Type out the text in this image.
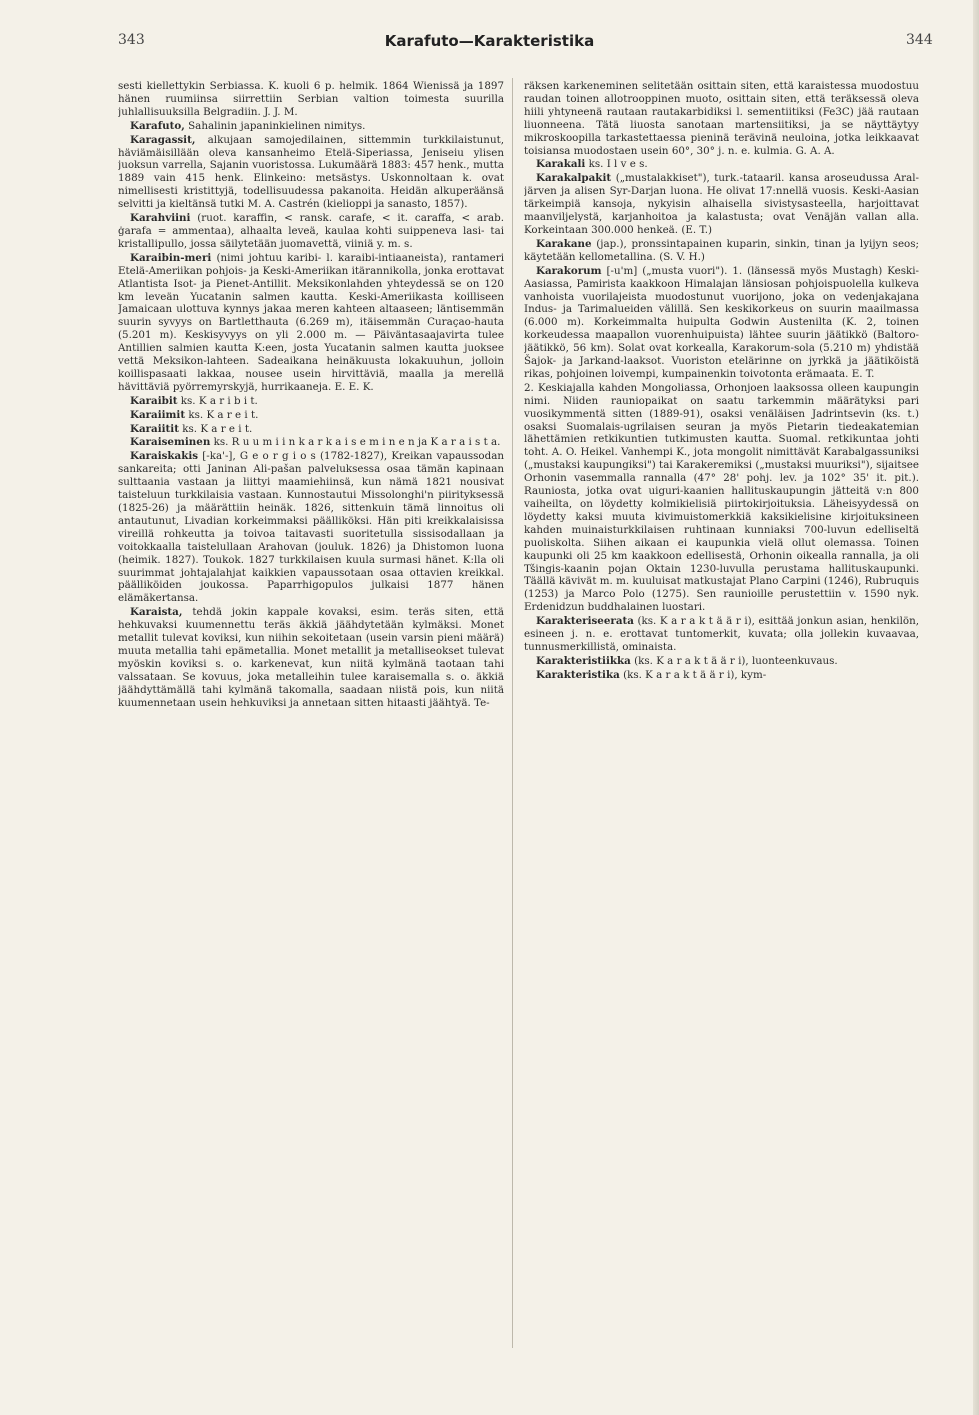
343	Karafuto—Karakteristika	344

sesti kiellettykin Serbiassa. K. kuoli 6 p. helmik. 1864 Wienissä ja 1897 hänen ruumiinsa siirrettiin Serbian valtion toimesta suurilla juhlallisuuksilla Belgradiin. J. J. M.

Karafuto, Sahalinin japaninkielinen nimitys.

Karagassit, alkujaan samojedilainen, sittemmin turkkilaistunut, häviämäisillään oleva kansanheimo Etelä-Siperiassa, Jeniseiu ylisen juoksun varrella, Sajanin vuoristossa. Lukumäärä 1883: 457 henk., mutta 1889 vain 415 henk. Elinkeino: metsästys. Uskonnoltaan k. ovat nimellisesti kristittyjä, todellisuudessa pakanoita. Heidän alkuperäänsä selvitti ja kieltänsä tutki M. A. Castrén (kielioppi ja sanasto, 1857).

Karahviini (ruot. karaffin, < ransk. carafe, < it. caraffa, < arab. ġarafa = ammentaa), alhaalta leveä, kaulaa kohti suippeneva lasi- tai kristallipullo, jossa säilytetään juomavettä, viiniä y. m. s.

Karaibin-meri (nimi johtuu karibi- l. karaibi-intiaaneista), rantameri Etelä-Ameriikan pohjois- ja Keski-Ameriikan itärannikolla, jonka erottavat Atlantista Isot- ja Pienet-Antillit. Meksikonlahden yhteydessä se on 120 km leveän Yucatanin salmen kautta. Keski-Ameriikasta koilliseen Jamaicaan ulottuva kynnys jakaa meren kahteen altaaseen; läntisemmän suurin syvyys on Bartletthauta (6.269 m), itäisemmän Curaçao-hauta (5.201 m). Keskisyvyys on yli 2.000 m. — Päiväntasaajavirta tulee Antillien salmien kautta K:een, josta Yucatanin salmen kautta juoksee vettä Meksikon-lahteen. Sadeaikana heinäkuusta lokakuuhun, jolloin koillispasaati lakkaa, nousee usein hirvittäviä, maalla ja merellä hävittäviä pyörremyrskyjä, hurrikaaneja. E. E. K.

Karaibit ks. K a r i b i t.

Karaiimit ks. K a r e i t.

Karaiitit ks. K a r e i t.

Karaiseminen ks. R u u m i i n k a r k a i s e m i n e n ja K a r a i s t a.

Karaiskakis [-ka'-], G e o r g i o s (1782-1827), Kreikan vapaussodan sankareita; otti Janinan Ali-pašan palveluksessa osaa tämän kapinaan sulttaania vastaan ja liittyi maamiehiinsä, kun nämä 1821 nousivat taisteluun turkkilaisia vastaan. Kunnostautui Missolonghi'n piirityksessä (1825-26) ja määrättiin heinäk. 1826, sittenkuin tämä linnoitus oli antautunut, Livadian korkeimmaksi päälliköksi. Hän piti kreikkalaisissa vireillä rohkeutta ja toivoa taitavasti suoritetulla sissisodallaan ja voitokkaalla taistelullaan Arahovan (jouluk. 1826) ja Dhistomon luona (heimik. 1827). Toukok. 1827 turkkilaisen kuula surmasi hänet. K:lla oli suurimmat johtajalahjat kaikkien vapaussotaan osaa ottavien kreikkal. päälliköiden joukossa. Paparrhigopulos julkaisi 1877 hänen elämäkertansa.

Karaista, tehdä jokin kappale kovaksi, esim. teräs siten, että hehkuvaksi kuumennettu teräs äkkiä jäähdytetään kylmäksi. Monet metallit tulevat koviksi, kun niihin sekoitetaan (usein varsin pieni määrä) muuta metallia tahi epämetallia. Monet metallit ja metalliseokset tulevat myöskin koviksi s. o. karkenevat, kun niitä kylmänä taotaan tahi valssataan. Se kovuus, joka metalleihin tulee karaisemalla s. o. äkkiä jäähdyttämällä tahi kylmänä takomalla, saadaan niistä pois, kun niitä kuumennetaan usein hehkuviksi ja annetaan sitten hitaasti jäähtyä. Te-

räksen karkeneminen selitetään osittain siten, että karaistessa muodostuu raudan toinen allotrooppinen muoto, osittain siten, että teräksessä oleva hiili yhtyneenä rautaan rautakarbidiksi l. sementiitiksi (Fe3C) jää rautaan liuonneena. Tätä liuosta sanotaan martensiitiksi, ja se näyttäytyy mikroskoopilla tarkastettaessa pieninä terävinä neuloina, jotka leikkaavat toisiansa muodostaen usein 60°, 30° j. n. e. kulmia. G. A. A.

Karakali ks. I l v e s.

Karakalpakit („mustalakkiset"), turk.-tataaril. kansa aroseudussa Aral-järven ja alisen Syr-Darjan luona. He olivat 17:nnellä vuosis. Keski-Aasian tärkeimpiä kansoja, nykyisin alhaisella sivistysasteella, harjoittavat maanviljelystä, karjanhoitoa ja kalastusta; ovat Venäjän vallan alla. Korkeintaan 300.000 henkeä. (E. T.)

Karakane (jap.), pronssintapainen kuparin, sinkin, tinan ja lyijyn seos; käytetään kellometallina. (S. V. H.)

Karakorum [-u'm] („musta vuori"). 1. (länsessä myös Mustagh) Keski-Aasiassa, Pamirista kaakkoon Himalajan länsiosan pohjoispuolella kulkeva vanhoista vuorilajeista muodostunut vuorijono, joka on vedenjakajana Indus- ja Tarimalueiden välillä. Sen keskikorkeus on suurin maailmassa (6.000 m). Korkeimmalta huipulta Godwin Austenilta (K. 2, toinen korkeudessa maapallon vuorenhuipuista) lähtee suurin jäätikkö (Baltoro-jäätikkö, 56 km). Solat ovat korkealla, Karakorum-sola (5.210 m) yhdistää Šajok- ja Jarkand-laaksot. Vuoriston etelärinne on jyrkkä ja jäätiköistä rikas, pohjoinen loivempi, kumpainenkin toivotonta erämaata. E. T.

2. Keskiajalla kahden Mongoliassa, Orhonjoen laaksossa olleen kaupungin nimi. Niiden rauniopaikat on saatu tarkemmin määrätyksi pari vuosikymmentä sitten (1889-91), osaksi venäläisen Jadrintsevin (ks. t.) osaksi Suomalais-ugrilaisen seuran ja myös Pietarin tiedeakatemian lähettämien retkikuntien tutkimusten kautta. Suomal. retkikuntaa johti toht. A. O. Heikel. Vanhempi K., jota mongolit nimittävät Karabalgassuniksi („mustaksi kaupungiksi") tai Karakeremiksi („mustaksi muuriksi"), sijaitsee Orhonin vasemmalla rannalla (47° 28' pohj. lev. ja 102° 35' it. pit.). Rauniosta, jotka ovat uiguri-kaanien hallituskaupungin jätteitä v:n 800 vaiheilta, on löydetty kolmikielisiä piirtokirjoituksia. Läheisyydessä on löydetty kaksi muuta kivimuistomerkkiä kaksikielisine kirjoituksineen kahden muinaisturkkilaisen ruhtinaan kunniaksi 700-luvun edelliseltä puoliskolta. Siihen aikaan ei kaupunkia vielä ollut olemassa. Toinen kaupunki oli 25 km kaakkoon edellisestä, Orhonin oikealla rannalla, ja oli Tšingis-kaanin pojan Oktain 1230-luvulla perustama hallituskaupunki. Täällä kävivät m. m. kuuluisat matkustajat Plano Carpini (1246), Rubruquis (1253) ja Marco Polo (1275). Sen raunioille perustettiin v. 1590 nyk. Erdenidzun buddhalainen luostari.

Karakteriseerata (ks. K a r a k t ä ä r i), esittää jonkun asian, henkilön, esineen j. n. e. erottavat tuntomerkit, kuvata; olla jollekin kuvaavaa, tunnusmerkillistä, ominaista.

Karakteristiikka (ks. K a r a k t ä ä r i), luonteenkuvaus.

Karakteristika (ks. K a r a k t ä ä r i), kym-
